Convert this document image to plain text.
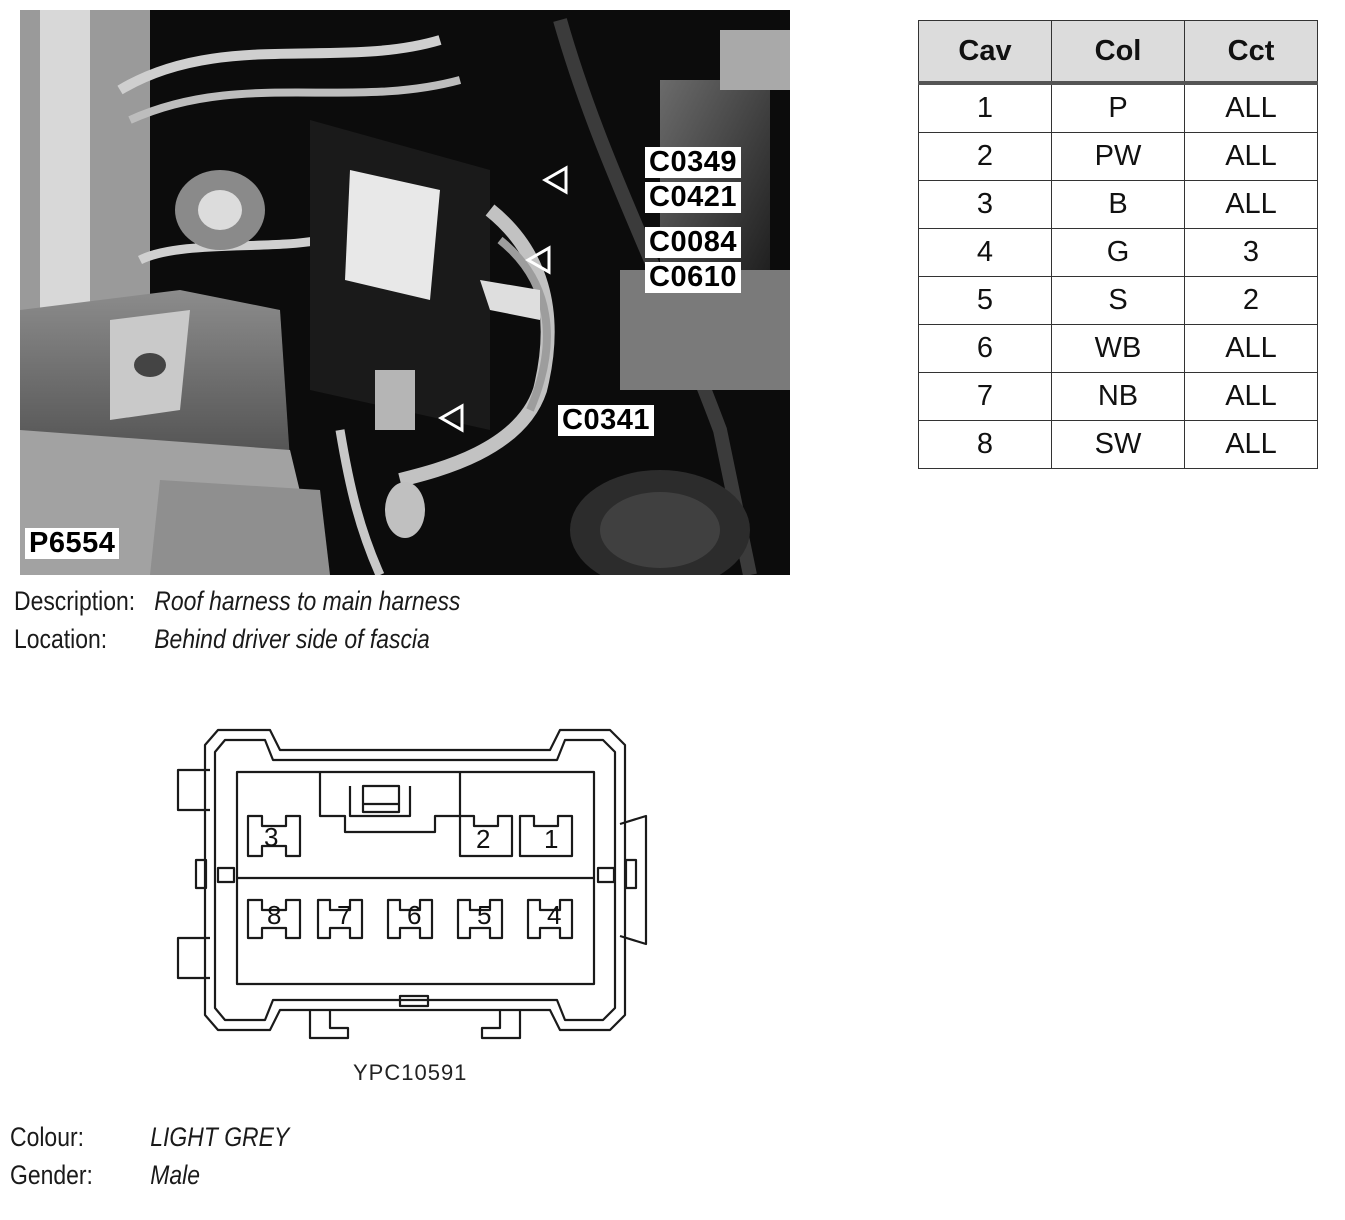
C0349
C0421
C0084
C0610
C0341
P6554
Description: Roof harness to main harness
Location: Behind driver side of fascia
Cav	Col	Cct
1	P	ALL
2	PW	ALL
3	B	ALL
4	G	3
5	S	2
6	WB	ALL
7	NB	ALL
8	SW	ALL
3	2 1
8 7 6 5 4
YPC10591
Colour: LIGHT GREY
Gender: Male
